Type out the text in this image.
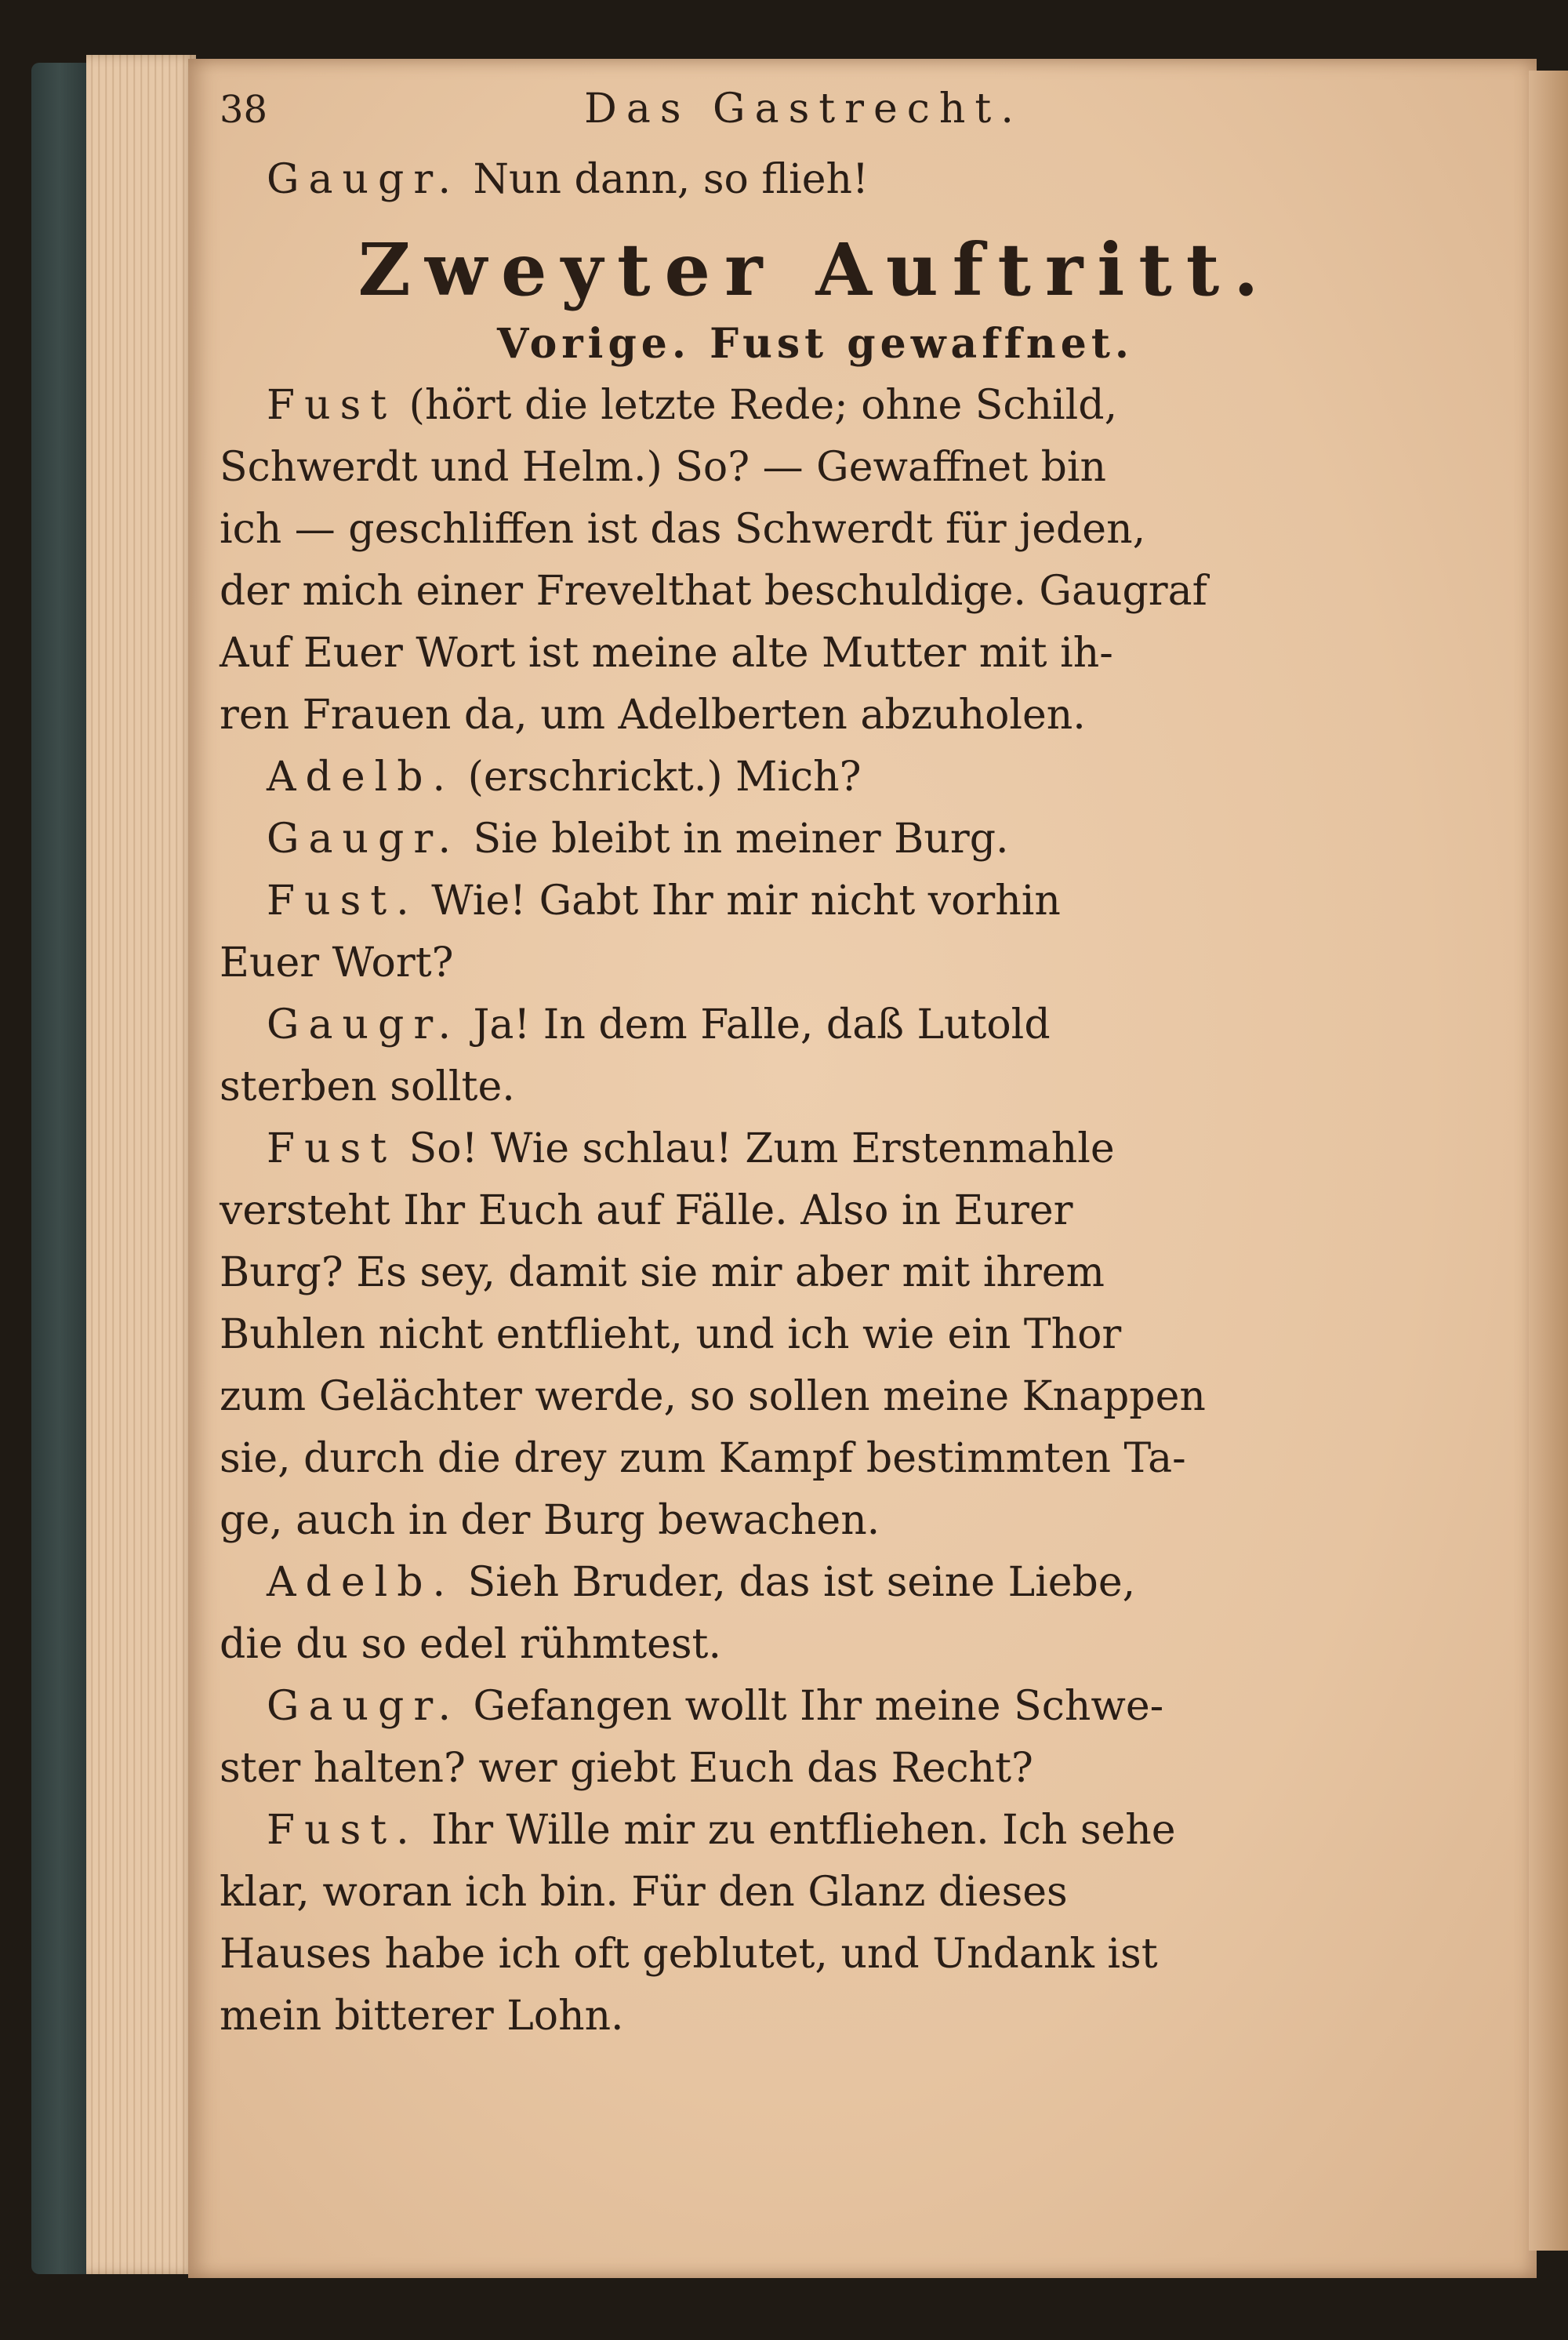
38	Das Gastrecht.
Gaugr. Nun dann, so flieh!
Zweyter Auftritt.
Vorige. Fust gewaffnet.
Fust (hört die letzte Rede; ohne Schild,
Schwerdt und Helm.) So? — Gewaffnet bin
ich — geschliffen ist das Schwerdt für jeden,
der mich einer Frevelthat beschuldige. Gaugraf
Auf Euer Wort ist meine alte Mutter mit ih-
ren Frauen da, um Adelberten abzuholen.
Adelb. (erschrickt.) Mich?
Gaugr. Sie bleibt in meiner Burg.
Fust. Wie! Gabt Ihr mir nicht vorhin
Euer Wort?
Gaugr. Ja! In dem Falle, daß Lutold
sterben sollte.
Fust So! Wie schlau! Zum Erstenmahle
versteht Ihr Euch auf Fälle. Also in Eurer
Burg? Es sey, damit sie mir aber mit ihrem
Buhlen nicht entflieht, und ich wie ein Thor
zum Gelächter werde, so sollen meine Knappen
sie, durch die drey zum Kampf bestimmten Ta-
ge, auch in der Burg bewachen.
Adelb. Sieh Bruder, das ist seine Liebe,
die du so edel rühmtest.
Gaugr. Gefangen wollt Ihr meine Schwe-
ster halten? wer giebt Euch das Recht?
Fust. Ihr Wille mir zu entfliehen. Ich sehe
klar, woran ich bin. Für den Glanz dieses
Hauses habe ich oft geblutet, und Undank ist
mein bitterer Lohn.
